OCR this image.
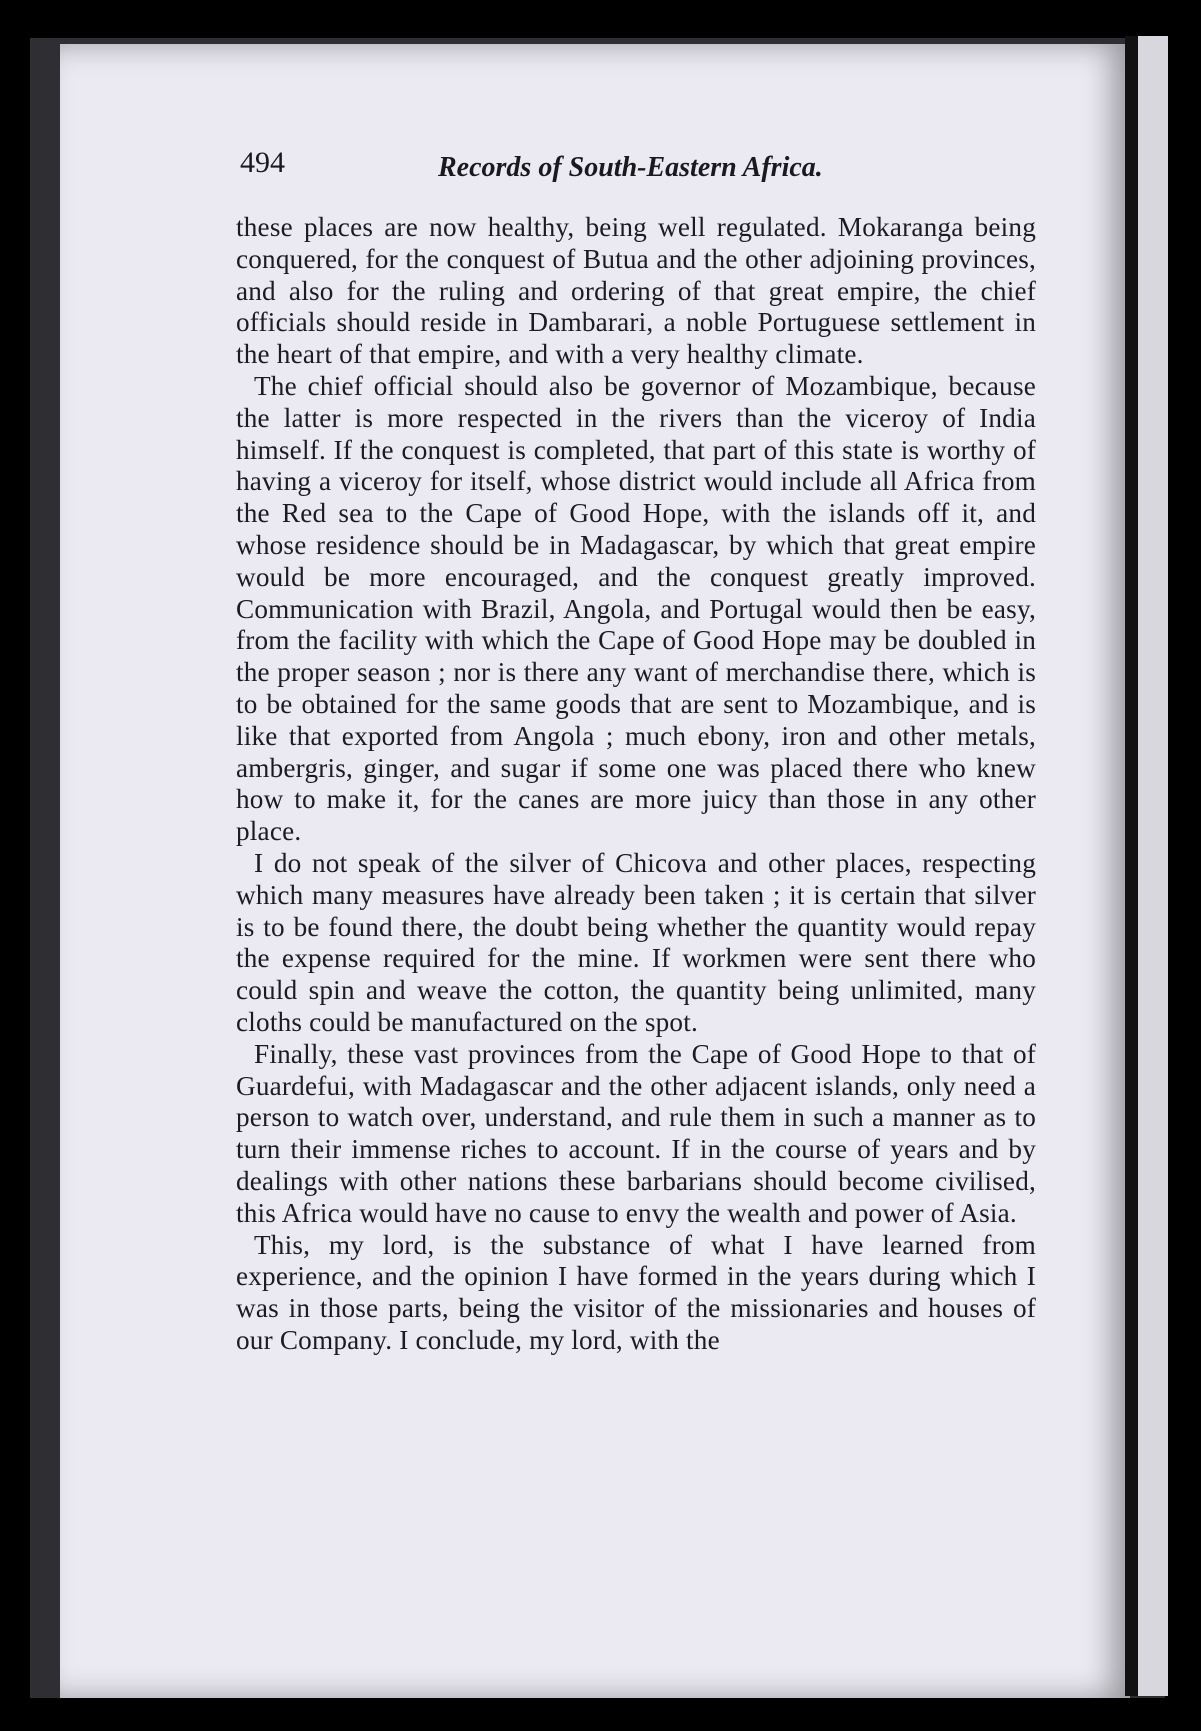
494	Records of South-Eastern Africa.

these places are now healthy, being well regulated. Mokaranga being conquered, for the conquest of Butua and the other adjoining provinces, and also for the ruling and ordering of that great empire, the chief officials should reside in Dambarari, a noble Portuguese settlement in the heart of that empire, and with a very healthy climate.

The chief official should also be governor of Mozambique, because the latter is more respected in the rivers than the viceroy of India himself. If the conquest is completed, that part of this state is worthy of having a viceroy for itself, whose district would include all Africa from the Red sea to the Cape of Good Hope, with the islands off it, and whose residence should be in Madagascar, by which that great empire would be more encouraged, and the conquest greatly improved. Communication with Brazil, Angola, and Portugal would then be easy, from the facility with which the Cape of Good Hope may be doubled in the proper season ; nor is there any want of merchandise there, which is to be obtained for the same goods that are sent to Mozambique, and is like that exported from Angola ; much ebony, iron and other metals, ambergris, ginger, and sugar if some one was placed there who knew how to make it, for the canes are more juicy than those in any other place.

I do not speak of the silver of Chicova and other places, respecting which many measures have already been taken ; it is certain that silver is to be found there, the doubt being whether the quantity would repay the expense required for the mine. If workmen were sent there who could spin and weave the cotton, the quantity being unlimited, many cloths could be manufactured on the spot.

Finally, these vast provinces from the Cape of Good Hope to that of Guardefui, with Madagascar and the other adjacent islands, only need a person to watch over, understand, and rule them in such a manner as to turn their immense riches to account. If in the course of years and by dealings with other nations these barbarians should become civilised, this Africa would have no cause to envy the wealth and power of Asia.

This, my lord, is the substance of what I have learned from experience, and the opinion I have formed in the years during which I was in those parts, being the visitor of the missionaries and houses of our Company. I conclude, my lord, with the
